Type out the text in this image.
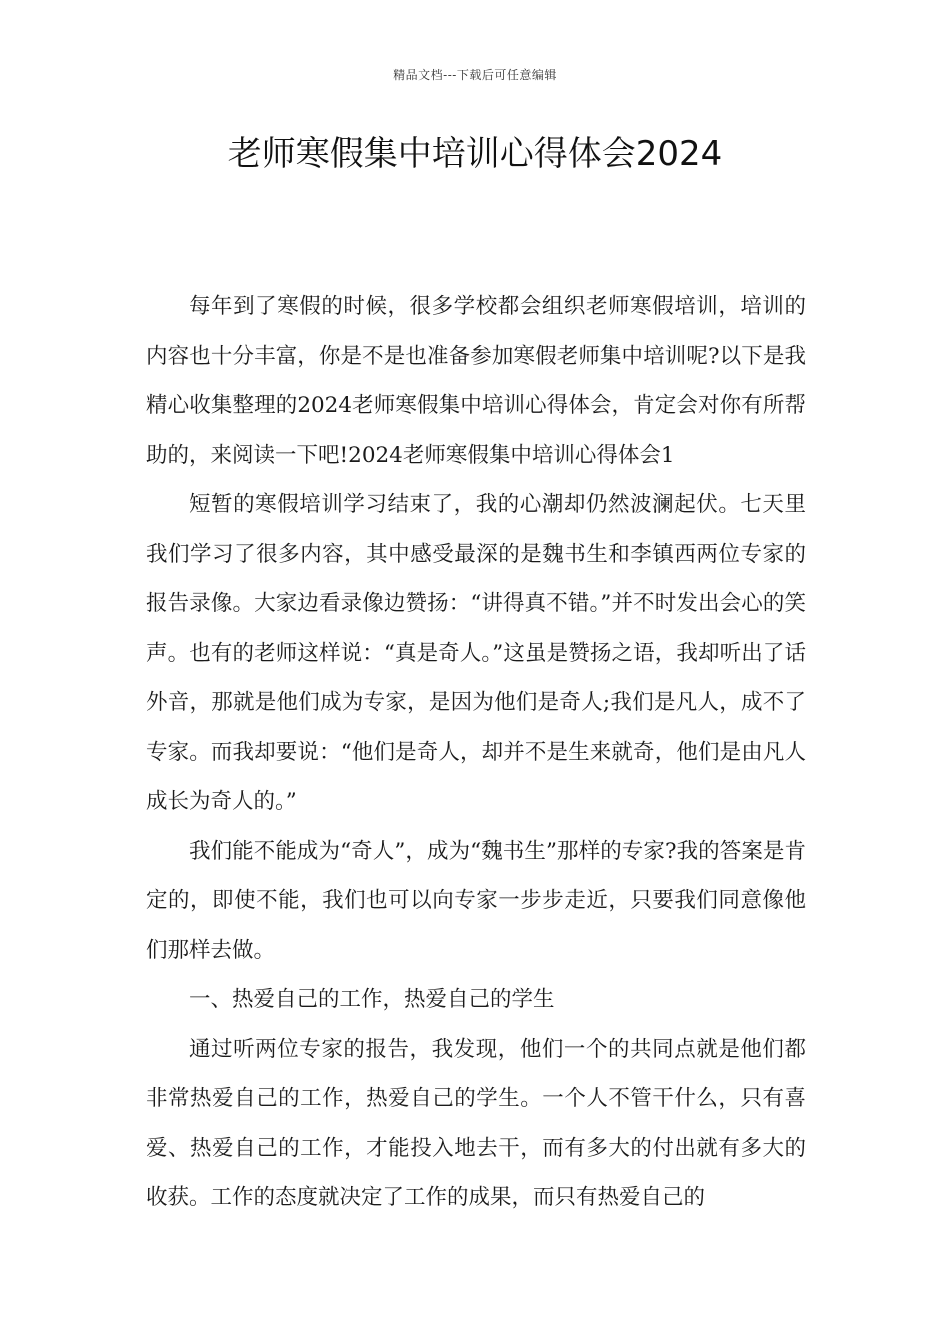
精品文档---下载后可任意编辑
老师寒假集中培训心得体会2024

每年到了寒假的时候，很多学校都会组织老师寒假培训，培训的内容也十分丰富，你是不是也准备参加寒假老师集中培训呢?以下是我精心收集整理的2024老师寒假集中培训心得体会，肯定会对你有所帮助的，来阅读一下吧!2024老师寒假集中培训心得体会1

短暂的寒假培训学习结束了，我的心潮却仍然波澜起伏。七天里我们学习了很多内容，其中感受最深的是魏书生和李镇西两位专家的报告录像。大家边看录像边赞扬：“讲得真不错。”并不时发出会心的笑声。也有的老师这样说：“真是奇人。”这虽是赞扬之语，我却听出了话外音，那就是他们成为专家，是因为他们是奇人;我们是凡人，成不了专家。而我却要说：“他们是奇人，却并不是生来就奇，他们是由凡人成长为奇人的。”

我们能不能成为“奇人”，成为“魏书生”那样的专家?我的答案是肯定的，即使不能，我们也可以向专家一步步走近，只要我们同意像他们那样去做。

一、热爱自己的工作，热爱自己的学生

通过听两位专家的报告，我发现，他们一个的共同点就是他们都非常热爱自己的工作，热爱自己的学生。一个人不管干什么，只有喜爱、热爱自己的工作，才能投入地去干，而有多大的付出就有多大的收获。工作的态度就决定了工作的成果，而只有热爱自己的
